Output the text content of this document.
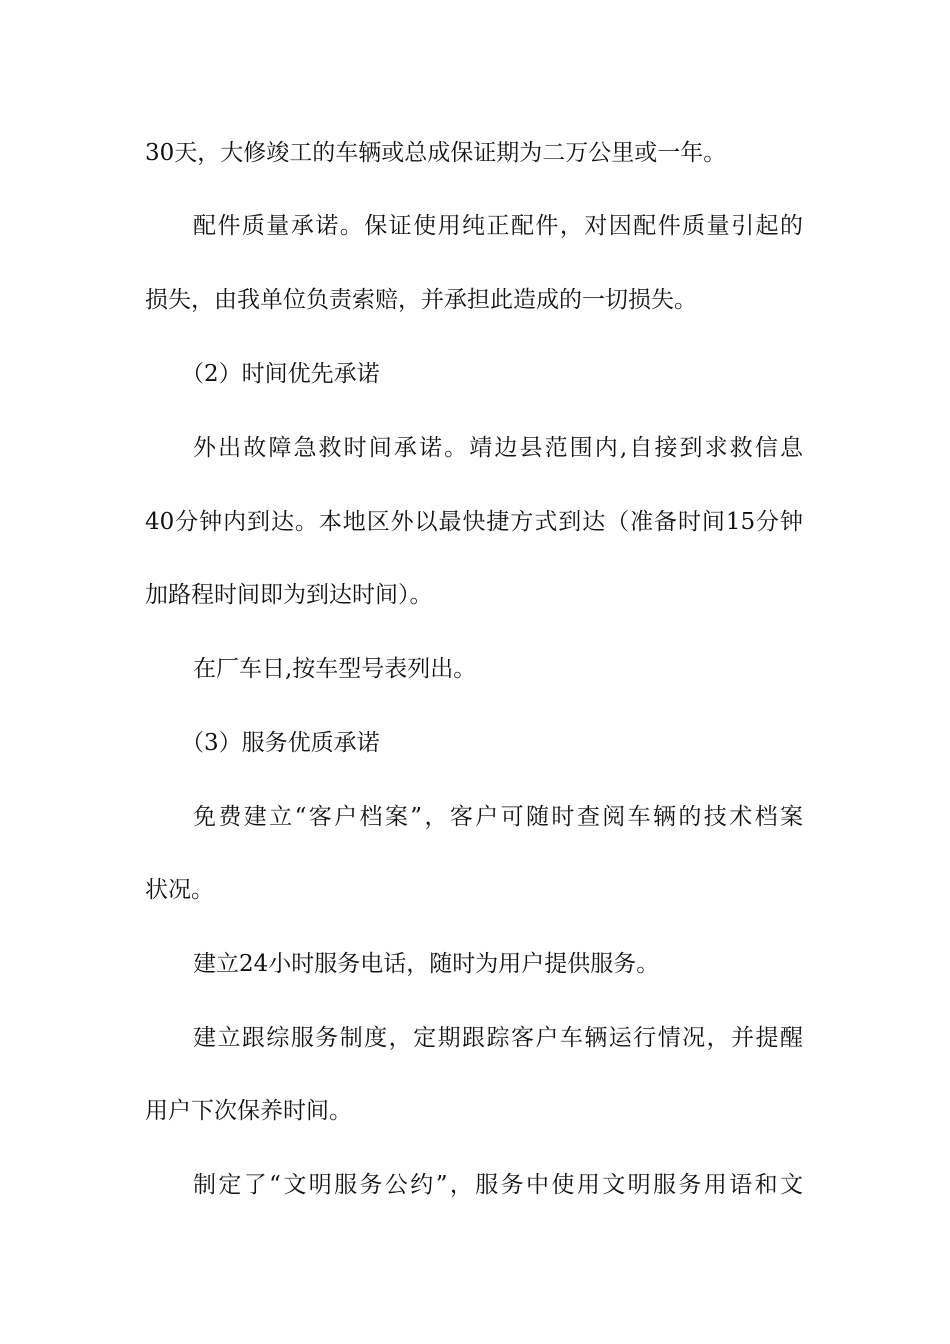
30天，大修竣工的车辆或总成保证期为二万公里或一年。
配件质量承诺。保证使用纯正配件，对因配件质量引起的
损失，由我单位负责索赔，并承担此造成的一切损失。
（2）时间优先承诺
外出故障急救时间承诺。靖边县范围内,自接到求救信息
40分钟内到达。本地区外以最快捷方式到达（准备时间15分钟
加路程时间即为到达时间）。
在厂车日,按车型号表列出。
（3）服务优质承诺
免费建立“客户档案”，客户可随时查阅车辆的技术档案
状况。
建立24小时服务电话，随时为用户提供服务。
建立跟综服务制度，定期跟踪客户车辆运行情况，并提醒
用户下次保养时间。
制定了“文明服务公约”，服务中使用文明服务用语和文
